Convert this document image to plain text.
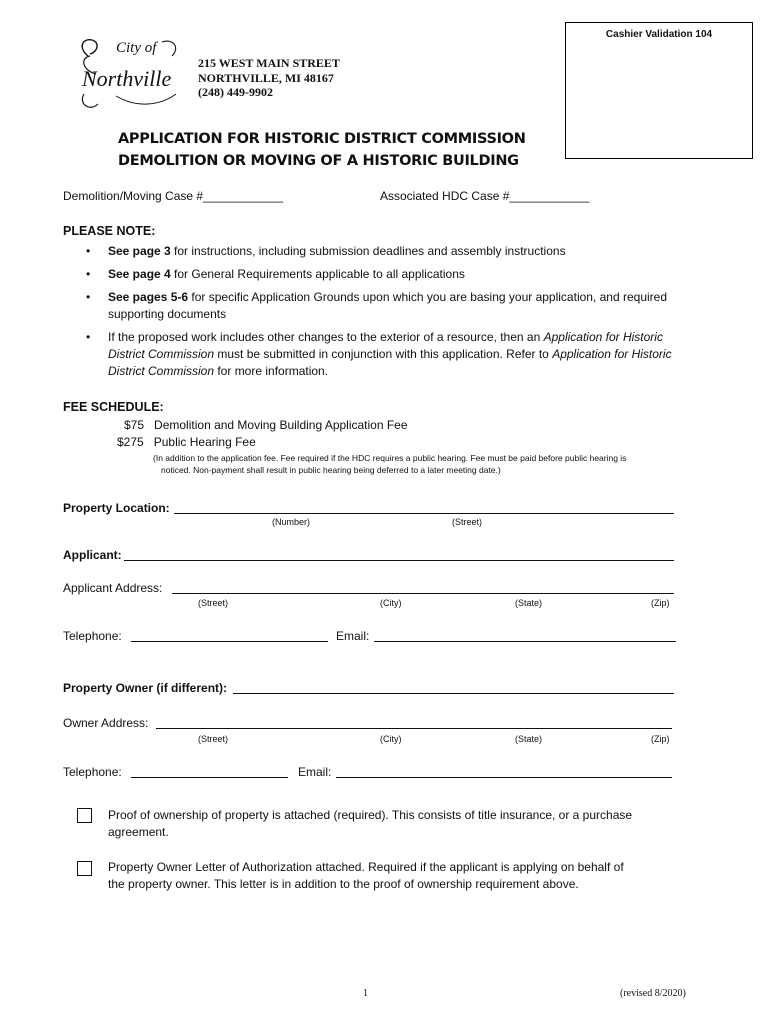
Cashier Validation 104
City of
Northville
215 WEST MAIN STREET
NORTHVILLE, MI 48167
(248) 449-9902
APPLICATION FOR HISTORIC DISTRICT COMMISSION
DEMOLITION OR MOVING OF A HISTORIC BUILDING
Demolition/Moving Case #____________	Associated HDC Case #____________
PLEASE NOTE:
• See page 3 for instructions, including submission deadlines and assembly instructions
• See page 4 for General Requirements applicable to all applications
• See pages 5-6 for specific Application Grounds upon which you are basing your application, and required supporting documents
• If the proposed work includes other changes to the exterior of a resource, then an Application for Historic District Commission must be submitted in conjunction with this application. Refer to Application for Historic District Commission for more information.
FEE SCHEDULE:
$75 Demolition and Moving Building Application Fee
$275 Public Hearing Fee
(In addition to the application fee. Fee required if the HDC requires a public hearing. Fee must be paid before public hearing is
noticed. Non-payment shall result in public hearing being deferred to a later meeting date.)
Property Location:
(Number)	(Street)
Applicant:
Applicant Address:
(Street)	(City)	(State)	(Zip)
Telephone:	Email:
Property Owner (if different):
Owner Address:
(Street)	(City)	(State)	(Zip)
Telephone:	Email:
Proof of ownership of property is attached (required). This consists of title insurance, or a purchase
agreement.
Property Owner Letter of Authorization attached. Required if the applicant is applying on behalf of
the property owner. This letter is in addition to the proof of ownership requirement above.
1	(revised 8/2020)
